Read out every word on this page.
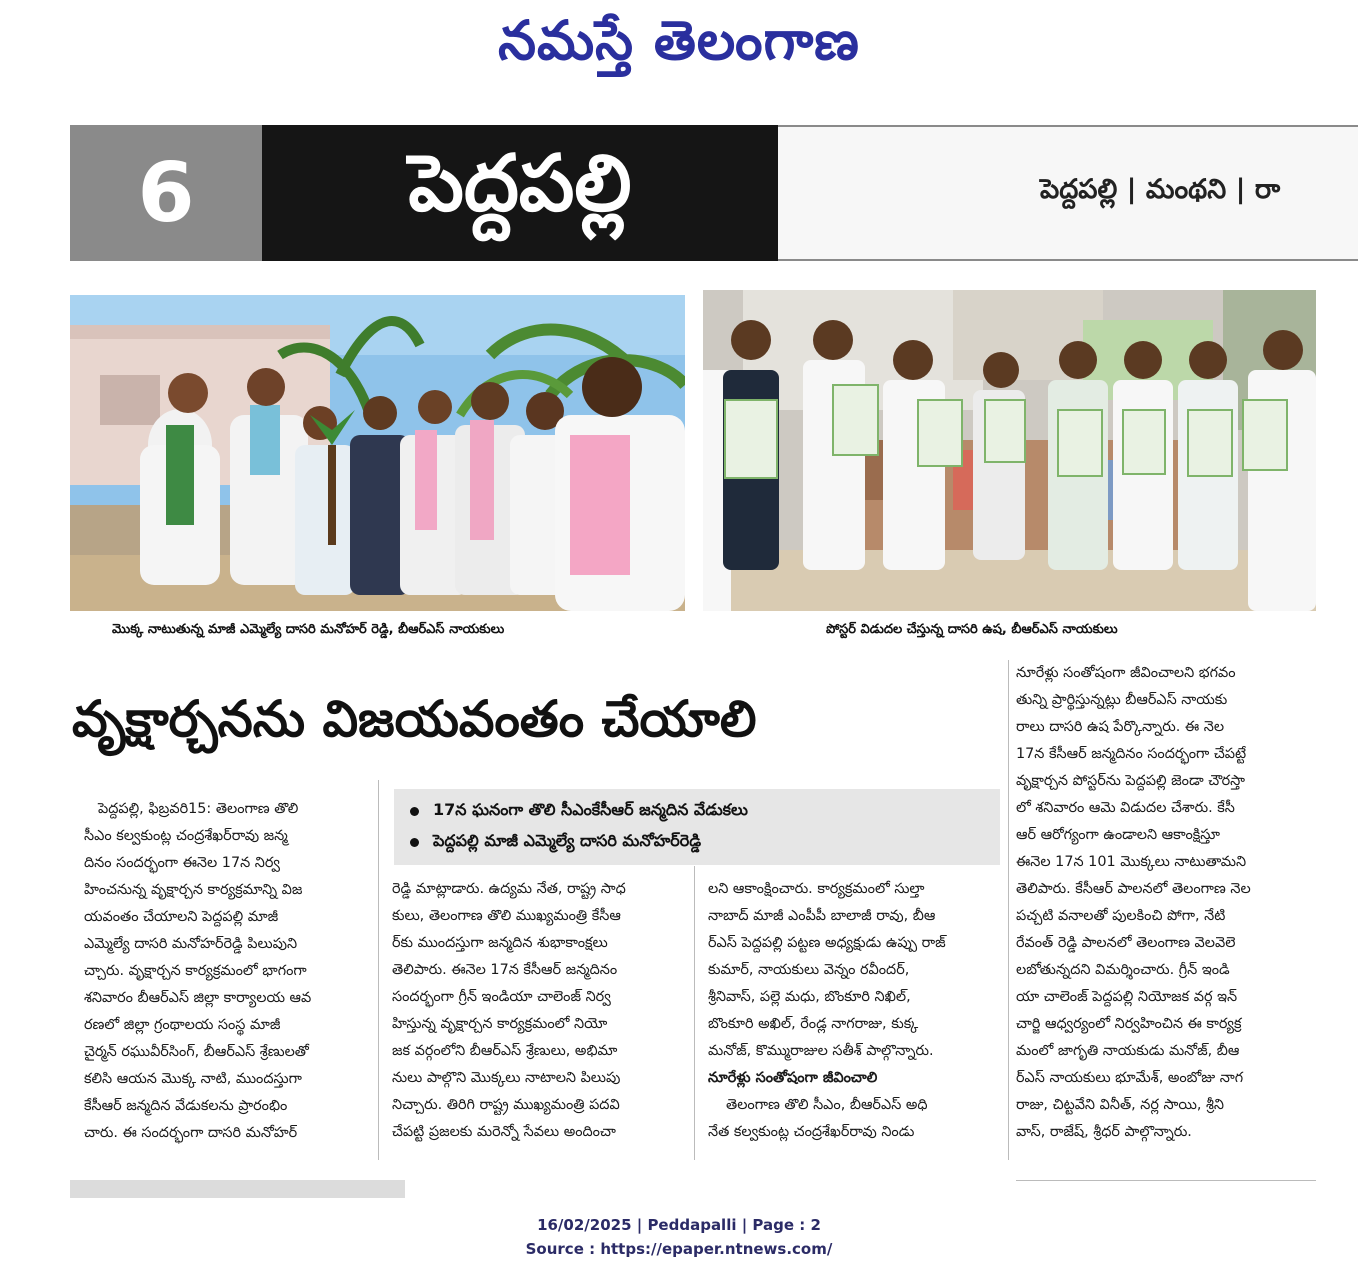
నమస్తే తెలంగాణ
6	పెద్దపల్లి	పెద్దపల్లి | మంథని | రా
మొక్క నాటుతున్న మాజీ ఎమ్మెల్యే దాసరి మనోహర్ రెడ్డి, బీఆర్ఎస్ నాయకులు	పోస్టర్ విడుదల చేస్తున్న దాసరి ఉష, బీఆర్ఎస్ నాయకులు
వృక్షార్చనను విజయవంతం చేయాలి
17న ఘనంగా తొలి సీఎంకేసీఆర్ జన్మదిన వేడుకలు
పెద్దపల్లి మాజీ ఎమ్మెల్యే దాసరి మనోహర్‌రెడ్డి
పెద్దపల్లి, ఫిబ్రవరి15: తెలంగాణ తొలి
సీఎం కల్వకుంట్ల చంద్రశేఖర్‌రావు జన్మ
దినం సందర్భంగా ఈనెల 17న నిర్వ
హించనున్న వృక్షార్చన కార్యక్రమాన్ని విజ
యవంతం చేయాలని పెద్దపల్లి మాజీ
ఎమ్మెల్యే దాసరి మనోహర్‌రెడ్డి పిలుపుని
చ్చారు. వృక్షార్చన కార్యక్రమంలో భాగంగా
శనివారం బీఆర్ఎస్ జిల్లా కార్యాలయ ఆవ
రణలో జిల్లా గ్రంథాలయ సంస్థ మాజీ
చైర్మన్ రఘువీర్‌సింగ్, బీఆర్ఎస్ శ్రేణులతో
కలిసి ఆయన మొక్క నాటి, ముందస్తుగా
కేసీఆర్ జన్మదిన వేడుకలను ప్రారంభిం
చారు. ఈ సందర్భంగా దాసరి మనోహర్
రెడ్డి మాట్లాడారు. ఉద్యమ నేత, రాష్ట్ర సాధ
కులు, తెలంగాణ తొలి ముఖ్యమంత్రి కేసీఆ
ర్‌కు ముందస్తుగా జన్మదిన శుభాకాంక్షలు
తెలిపారు. ఈనెల 17న కేసీఆర్ జన్మదినం
సందర్భంగా గ్రీన్ ఇండియా చాలెంజ్ నిర్వ
హిస్తున్న వృక్షార్చన కార్యక్రమంలో నియో
జక వర్గంలోని బీఆర్ఎస్ శ్రేణులు, అభిమా
నులు పాల్గొని మొక్కలు నాటాలని పిలుపు
నిచ్చారు. తిరిగి రాష్ట్ర ముఖ్యమంత్రి పదవి
చేపట్టి ప్రజలకు మరెన్నో సేవలు అందించా
లని ఆకాంక్షించారు. కార్యక్రమంలో సుల్తా
నాబాద్ మాజీ ఎంపీపీ బాలాజీ రావు, బీఆ
ర్ఎస్ పెద్దపల్లి పట్టణ అధ్యక్షుడు ఉప్పు రాజ్
కుమార్, నాయకులు వెన్నం రవీందర్,
శ్రీనివాస్, పల్లె మధు, బొంకూరి నిఖిల్,
బొంకూరి అఖిల్, రేండ్ల నాగరాజు, కుక్క
మనోజ్, కొమ్మురాజుల సతీశ్ పాల్గొన్నారు.
నూరేళ్లు సంతోషంగా జీవించాలి
తెలంగాణ తొలి సీఎం, బీఆర్ఎస్ అధి
నేత కల్వకుంట్ల చంద్రశేఖర్‌రావు నిండు
నూరేళ్లు సంతోషంగా జీవించాలని భగవం
తున్ని ప్రార్థిస్తున్నట్లు బీఆర్ఎస్ నాయకు
రాలు దాసరి ఉష పేర్కొన్నారు. ఈ నెల
17న కేసీఆర్ జన్మదినం సందర్భంగా చేపట్టే
వృక్షార్చన పోస్టర్‌ను పెద్దపల్లి జెండా చౌరస్తా
లో శనివారం ఆమె విడుదల చేశారు. కేసీ
ఆర్ ఆరోగ్యంగా ఉండాలని ఆకాంక్షిస్తూ
ఈనెల 17న 101 మొక్కలు నాటుతామని
తెలిపారు. కేసీఆర్ పాలనలో తెలంగాణ నెల
పచ్చటి వనాలతో పులకించి పోగా, నేటి
రేవంత్ రెడ్డి పాలనలో తెలంగాణ వెలవెలె
లబోతున్నదని విమర్శించారు. గ్రీన్ ఇండి
యా చాలెంజ్ పెద్దపల్లి నియోజక వర్గ ఇన్
చార్జి ఆధ్వర్యంలో నిర్వహించిన ఈ కార్యక్ర
మంలో జాగృతి నాయకుడు మనోజ్, బీఆ
ర్ఎస్ నాయకులు భూమేశ్, అంబోజు నాగ
రాజు, చిట్టవేని వినీత్, నర్ల సాయి, శ్రీని
వాస్, రాజేష్, శ్రీధర్ పాల్గొన్నారు.
16/02/2025 | Peddapalli | Page : 2
Source : https://epaper.ntnews.com/
